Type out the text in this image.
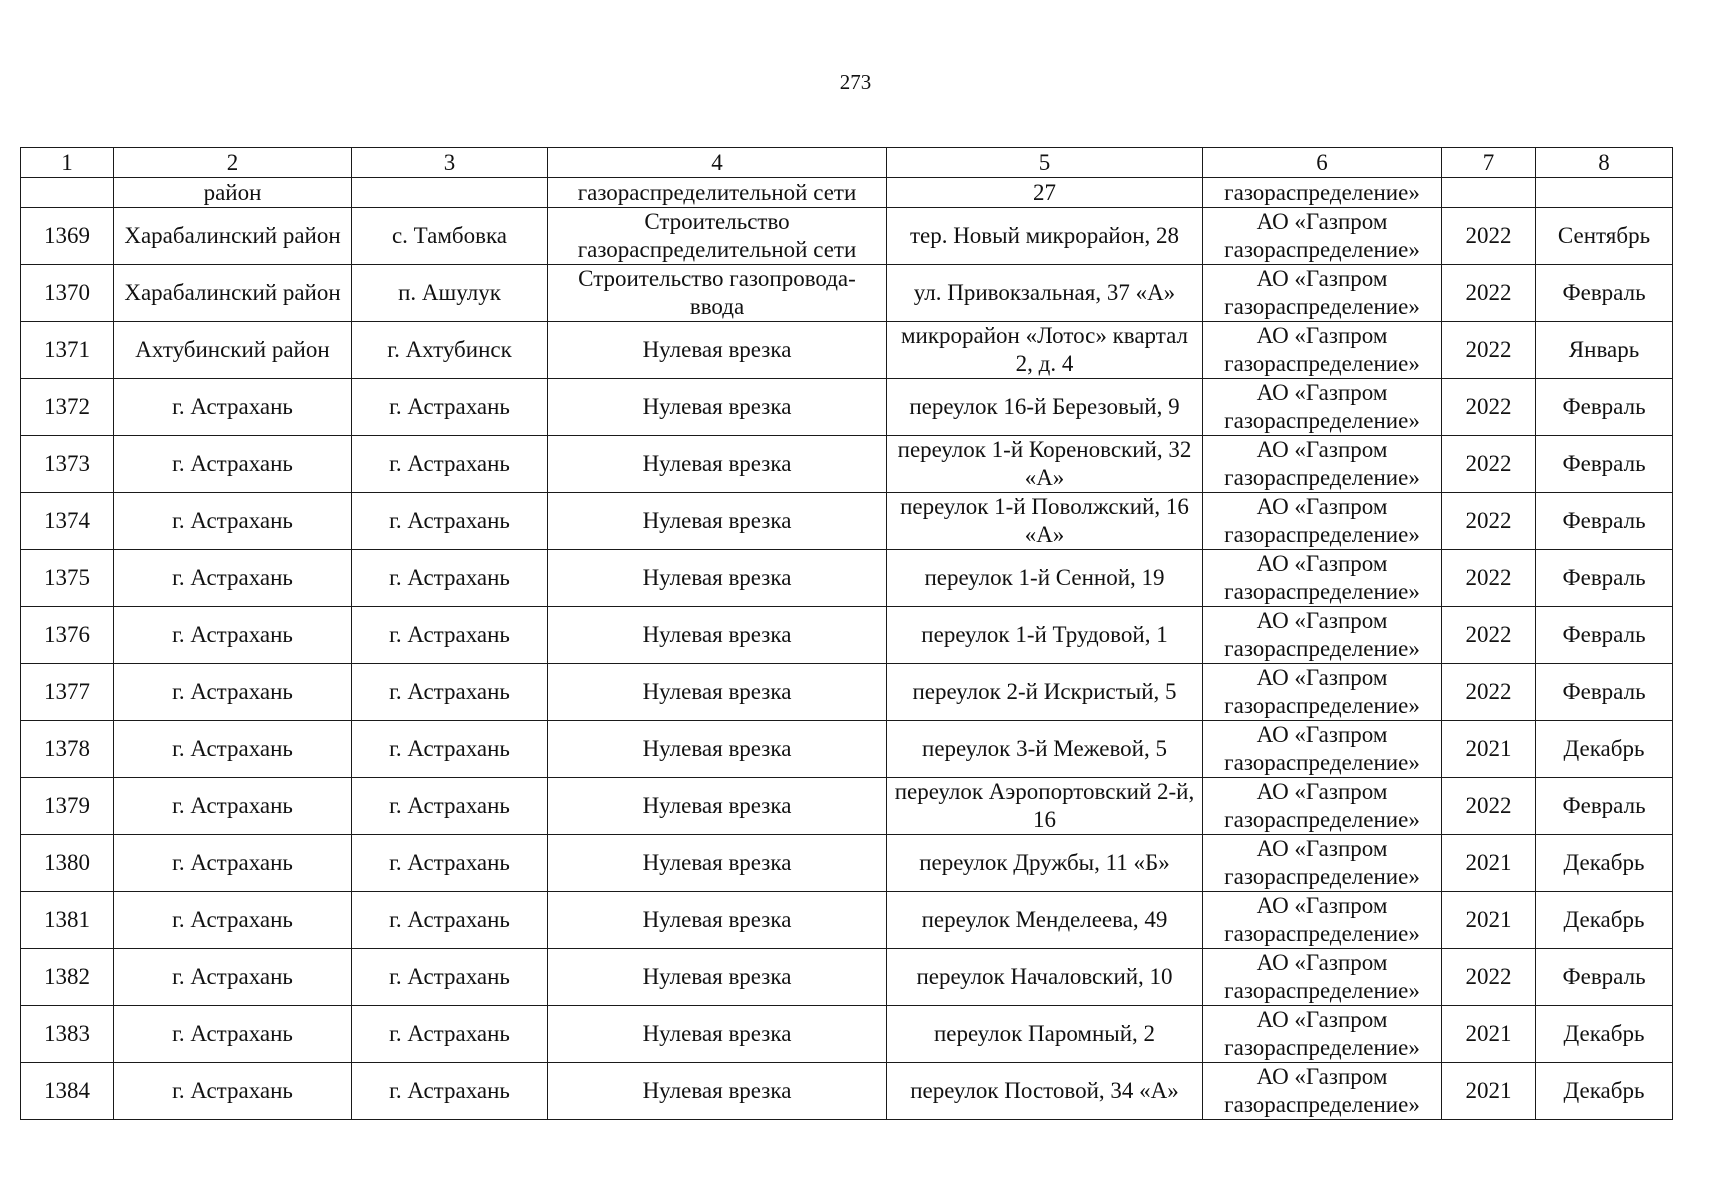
273
1	2	3	4	5	6	7	8
	район		газораспределительной сети	27	газораспределение»		
1369	Харабалинский район	с. Тамбовка	Строительство газораспределительной сети	тер. Новый микрорайон, 28	АО «Газпром газораспределение»	2022	Сентябрь
1370	Харабалинский район	п. Ашулук	Строительство газопровода-ввода	ул. Привокзальная, 37 «А»	АО «Газпром газораспределение»	2022	Февраль
1371	Ахтубинский район	г. Ахтубинск	Нулевая врезка	микрорайон «Лотос» квартал 2, д. 4	АО «Газпром газораспределение»	2022	Январь
1372	г. Астрахань	г. Астрахань	Нулевая врезка	переулок 16-й Березовый, 9	АО «Газпром газораспределение»	2022	Февраль
1373	г. Астрахань	г. Астрахань	Нулевая врезка	переулок 1-й Кореновский, 32 «А»	АО «Газпром газораспределение»	2022	Февраль
1374	г. Астрахань	г. Астрахань	Нулевая врезка	переулок 1-й Поволжский, 16 «А»	АО «Газпром газораспределение»	2022	Февраль
1375	г. Астрахань	г. Астрахань	Нулевая врезка	переулок 1-й Сенной, 19	АО «Газпром газораспределение»	2022	Февраль
1376	г. Астрахань	г. Астрахань	Нулевая врезка	переулок 1-й Трудовой, 1	АО «Газпром газораспределение»	2022	Февраль
1377	г. Астрахань	г. Астрахань	Нулевая врезка	переулок 2-й Искристый, 5	АО «Газпром газораспределение»	2022	Февраль
1378	г. Астрахань	г. Астрахань	Нулевая врезка	переулок 3-й Межевой, 5	АО «Газпром газораспределение»	2021	Декабрь
1379	г. Астрахань	г. Астрахань	Нулевая врезка	переулок Аэропортовский 2-й, 16	АО «Газпром газораспределение»	2022	Февраль
1380	г. Астрахань	г. Астрахань	Нулевая врезка	переулок Дружбы, 11 «Б»	АО «Газпром газораспределение»	2021	Декабрь
1381	г. Астрахань	г. Астрахань	Нулевая врезка	переулок Менделеева, 49	АО «Газпром газораспределение»	2021	Декабрь
1382	г. Астрахань	г. Астрахань	Нулевая врезка	переулок Началовский, 10	АО «Газпром газораспределение»	2022	Февраль
1383	г. Астрахань	г. Астрахань	Нулевая врезка	переулок Паромный, 2	АО «Газпром газораспределение»	2021	Декабрь
1384	г. Астрахань	г. Астрахань	Нулевая врезка	переулок Постовой, 34 «А»	АО «Газпром газораспределение»	2021	Декабрь
